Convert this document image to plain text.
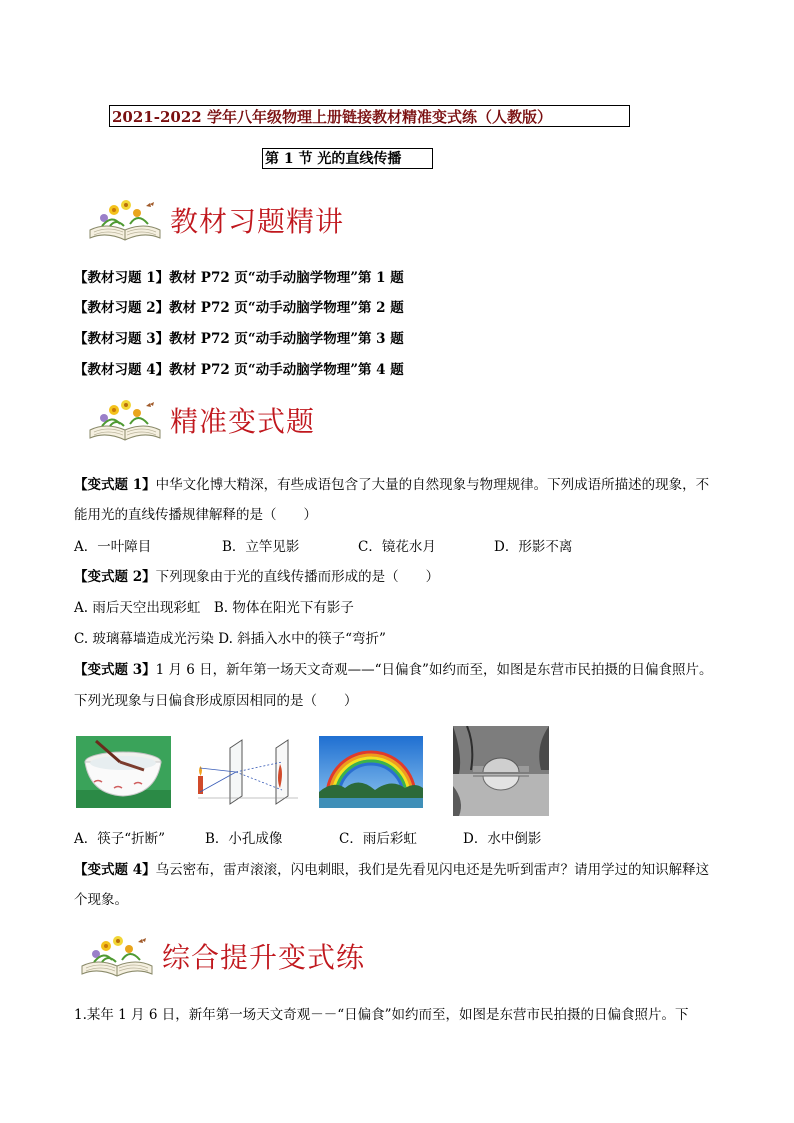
2021-2022 学年八年级物理上册链接教材精准变式练（人教版）
第 1 节 光的直线传播
教材习题精讲
【教材习题 1】教材 P72 页“动手动脑学物理”第 1 题
【教材习题 2】教材 P72 页“动手动脑学物理”第 2 题
【教材习题 3】教材 P72 页“动手动脑学物理”第 3 题
【教材习题 4】教材 P72 页“动手动脑学物理”第 4 题
精准变式题
【变式题 1】中华文化博大精深，有些成语包含了大量的自然现象与物理规律。下列成语所描述的现象，不
能用光的直线传播规律解释的是（　　）
A．一叶障目	B．立竿见影	C．镜花水月	D．形影不离
【变式题 2】下列现象由于光的直线传播而形成的是（　　）
A. 雨后天空出现彩虹　B. 物体在阳光下有影子
C. 玻璃幕墙造成光污染 D. 斜插入水中的筷子“弯折”
【变式题 3】1 月 6 日，新年第一场天文奇观——“日偏食”如约而至，如图是东营市民拍摄的日偏食照片。
下列光现象与日偏食形成原因相同的是（　　）
A．筷子“折断”	B．小孔成像	C．雨后彩虹	D．水中倒影
【变式题 4】乌云密布，雷声滚滚，闪电刺眼，我们是先看见闪电还是先听到雷声？请用学过的知识解释这
个现象。
综合提升变式练
1.某年 1 月 6 日，新年第一场天文奇观－－“日偏食”如约而至，如图是东营市民拍摄的日偏食照片。下
